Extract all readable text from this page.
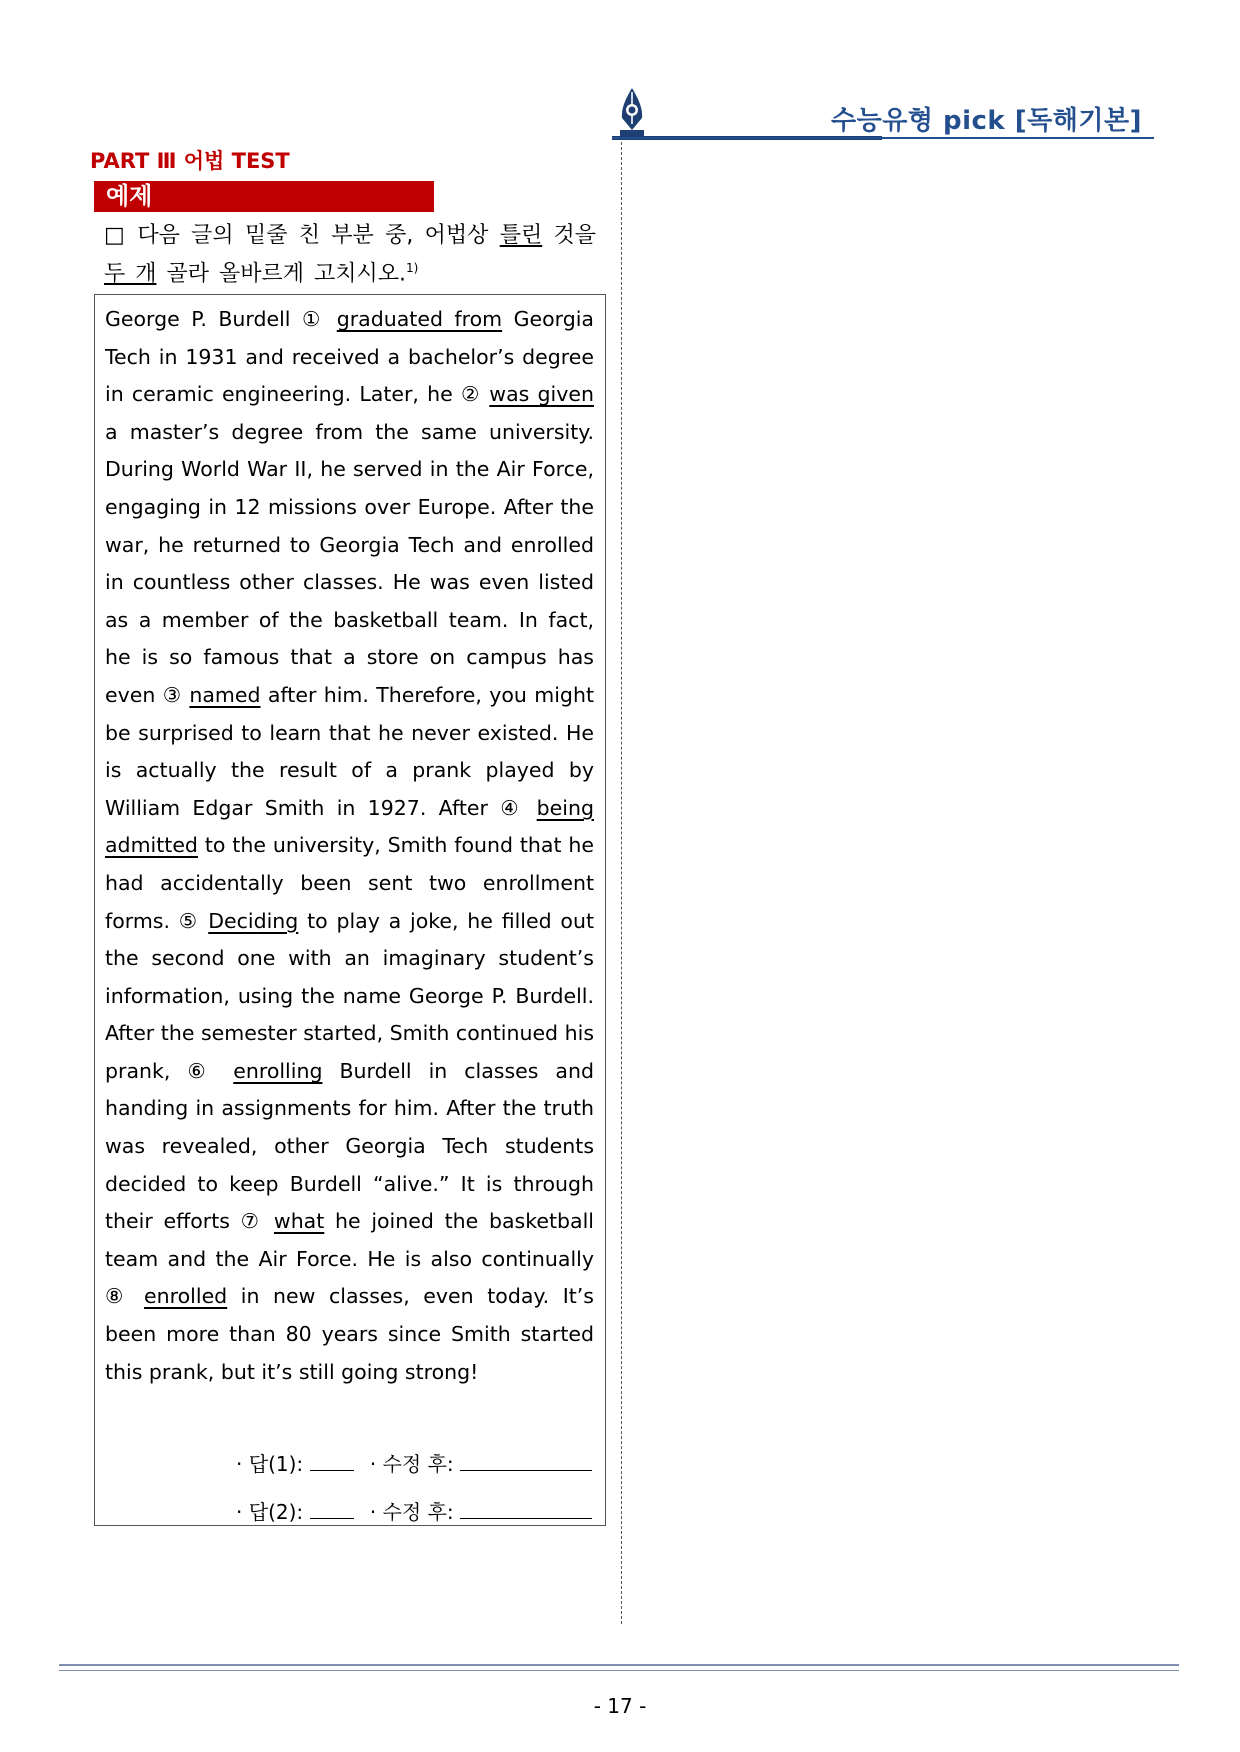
수능유형 pick [독해기본]
PART Ⅲ 어법 TEST
예제
□ 다음 글의 밑줄 친 부분 중, 어법상 틀린 것을
두 개 골라 올바르게 고치시오.$^{1)}$
George P. Burdell ① graduated from Georgia Tech in 1931 and received a bachelor’s degree in ceramic engineering. Later, he ② was given a master’s degree from the same university. During World War II, he served in the Air Force, engaging in 12 missions over Europe. After the war, he returned to Georgia Tech and enrolled in countless other classes. He was even listed as a member of the basketball team. In fact, he is so famous that a store on campus has even ③ named after him. Therefore, you might be surprised to learn that he never existed. He is actually the result of a prank played by William Edgar Smith in 1927. After ④ being admitted to the university, Smith found that he had accidentally been sent two enrollment forms. ⑤ Deciding to play a joke, he filled out the second one with an imaginary student’s information, using the name George P. Burdell. After the semester started, Smith continued his prank, ⑥ enrolling Burdell in classes and handing in assignments for him. After the truth was revealed, other Georgia Tech students decided to keep Burdell “alive.” It is through their efforts ⑦ what he joined the basketball team and the Air Force. He is also continually ⑧ enrolled in new classes, even today. It’s been more than 80 years since Smith started this prank, but it’s still going strong!
· 답(1):	· 수정 후:
· 답(2):	· 수정 후:
- 17 -
